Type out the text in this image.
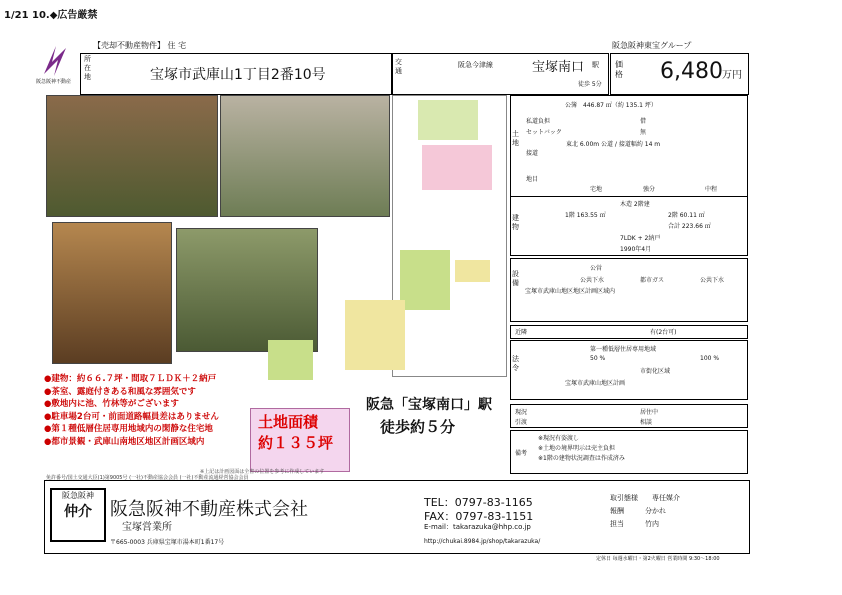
1/21 10.◆広告厳禁
【売却不動産物件】 住 宅	阪急阪神東宝グループ
阪急阪神不動産
所在地	宝塚市武庫山1丁目2番10号
交通
阪急今津線	宝塚南口 駅
徒歩 5分
価格 6,480 万円
土地
公簿　446.87 ㎡（約 135.1 坪）
私道負担	借
セットバック	無
接道
東北 6.00m 公道 / 接道幅約 14 m
地目
宅地	強分	中程
建物
木造 2階建
1階 163.55 ㎡	2階 60.11 ㎡
合計 223.66 ㎡
7LDK + 2納戸
1990年4月
設備
公営
公共下水	都市ガス	公共下水
宝塚市武庫山地区地区計画区域内
近隣	有(2台可)
法令
第一種低層住居専用地域
50 %	100 %
市街化区域
宝塚市武庫山地区計画
現況	居住中
引渡	相談
備考
※現況有姿渡し
※土地の境界明示は売主負担
※1階の建物状況調査は作成済み
●建物：約６６.７坪・間取７ＬＤＫ＋２納戸
●茶室、露庭付きある和風な雰囲気です
●敷地内に池、竹林等がございます
●駐車場2台可・前面道路幅員差はありません
●第１種低層住居専用地域内の閑静な住宅地
●都市景観・武庫山南地区地区計画区域内
土地面積
約１３５坪
阪急「宝塚南口」駅
徒歩約５分
※上記は計画図面は全書の位置を参考に作成しています
免許番号/国土交通大臣(1)第9005号 (一社)不動産協会会員 (一社)不動産流通経営協会会員
阪急阪神
仲介	阪急阪神不動産株式会社
宝塚営業所
〒665-0003 兵庫県宝塚市湯本町1番17号
TEL：0797-83-1165
FAX：0797-83-1151
E-mail：takarazuka@hhp.co.jp
http://chukai.8984.jp/shop/takarazuka/
取引態様　　 専任媒介
報酬　　　	分かれ
担当　　　	竹内
定休日 毎週水曜日・第2火曜日 営業時間 9:30～18:00
